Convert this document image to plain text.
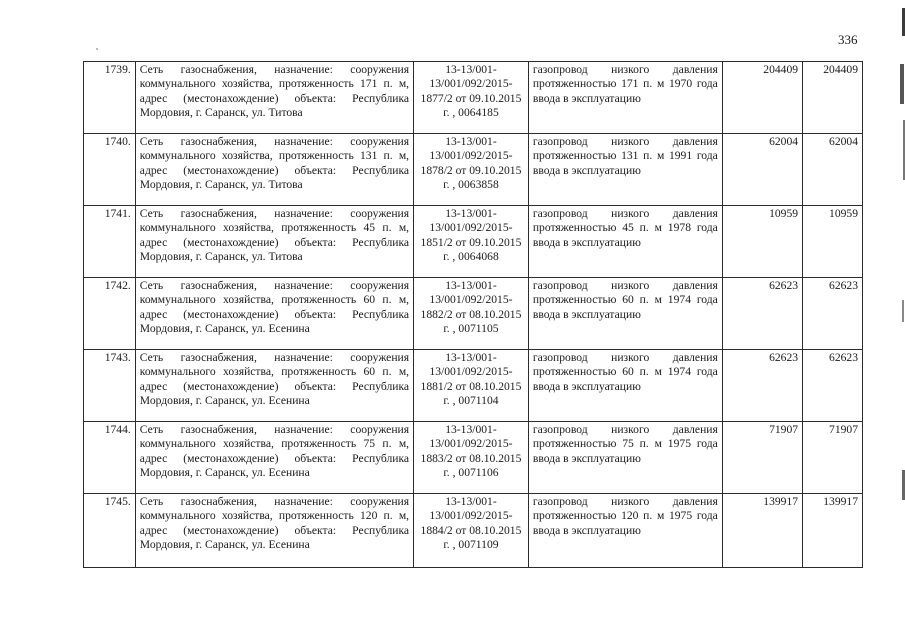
336
1739.	Сеть газоснабжения, назначение: сооружения коммунального хозяйства, протяженность 171 п. м, адрес (местонахождение) объекта: Республика Мордовия, г. Саранск, ул. Титова	13-13/001-13/001/092/2015-1877/2 от 09.10.2015 г. , 0064185	газопровод низкого давления протяженностью 171 п. м 1970 года ввода в эксплуатацию	204409	204409
1740.	Сеть газоснабжения, назначение: сооружения коммунального хозяйства, протяженность 131 п. м, адрес (местонахождение) объекта: Республика Мордовия, г. Саранск, ул. Титова	13-13/001-13/001/092/2015-1878/2 от 09.10.2015 г. , 0063858	газопровод низкого давления протяженностью 131 п. м 1991 года ввода в эксплуатацию	62004	62004
1741.	Сеть газоснабжения, назначение: сооружения коммунального хозяйства, протяженность 45 п. м, адрес (местонахождение) объекта: Республика Мордовия, г. Саранск, ул. Титова	13-13/001-13/001/092/2015-1851/2 от 09.10.2015 г. , 0064068	газопровод низкого давления протяженностью 45 п. м 1978 года ввода в эксплуатацию	10959	10959
1742.	Сеть газоснабжения, назначение: сооружения коммунального хозяйства, протяженность 60 п. м, адрес (местонахождение) объекта: Республика Мордовия, г. Саранск, ул. Есенина	13-13/001-13/001/092/2015-1882/2 от 08.10.2015 г. , 0071105	газопровод низкого давления протяженностью 60 п. м 1974 года ввода в эксплуатацию	62623	62623
1743.	Сеть газоснабжения, назначение: сооружения коммунального хозяйства, протяженность 60 п. м, адрес (местонахождение) объекта: Республика Мордовия, г. Саранск, ул. Есенина	13-13/001-13/001/092/2015-1881/2 от 08.10.2015 г. , 0071104	газопровод низкого давления протяженностью 60 п. м 1974 года ввода в эксплуатацию	62623	62623
1744.	Сеть газоснабжения, назначение: сооружения коммунального хозяйства, протяженность 75 п. м, адрес (местонахождение) объекта: Республика Мордовия, г. Саранск, ул. Есенина	13-13/001-13/001/092/2015-1883/2 от 08.10.2015 г. , 0071106	газопровод низкого давления протяженностью 75 п. м 1975 года ввода в эксплуатацию	71907	71907
1745.	Сеть газоснабжения, назначение: сооружения коммунального хозяйства, протяженность 120 п. м, адрес (местонахождение) объекта: Республика Мордовия, г. Саранск, ул. Есенина	13-13/001-13/001/092/2015-1884/2 от 08.10.2015 г. , 0071109	газопровод низкого давления протяженностью 120 п. м 1975 года ввода в эксплуатацию	139917	139917
